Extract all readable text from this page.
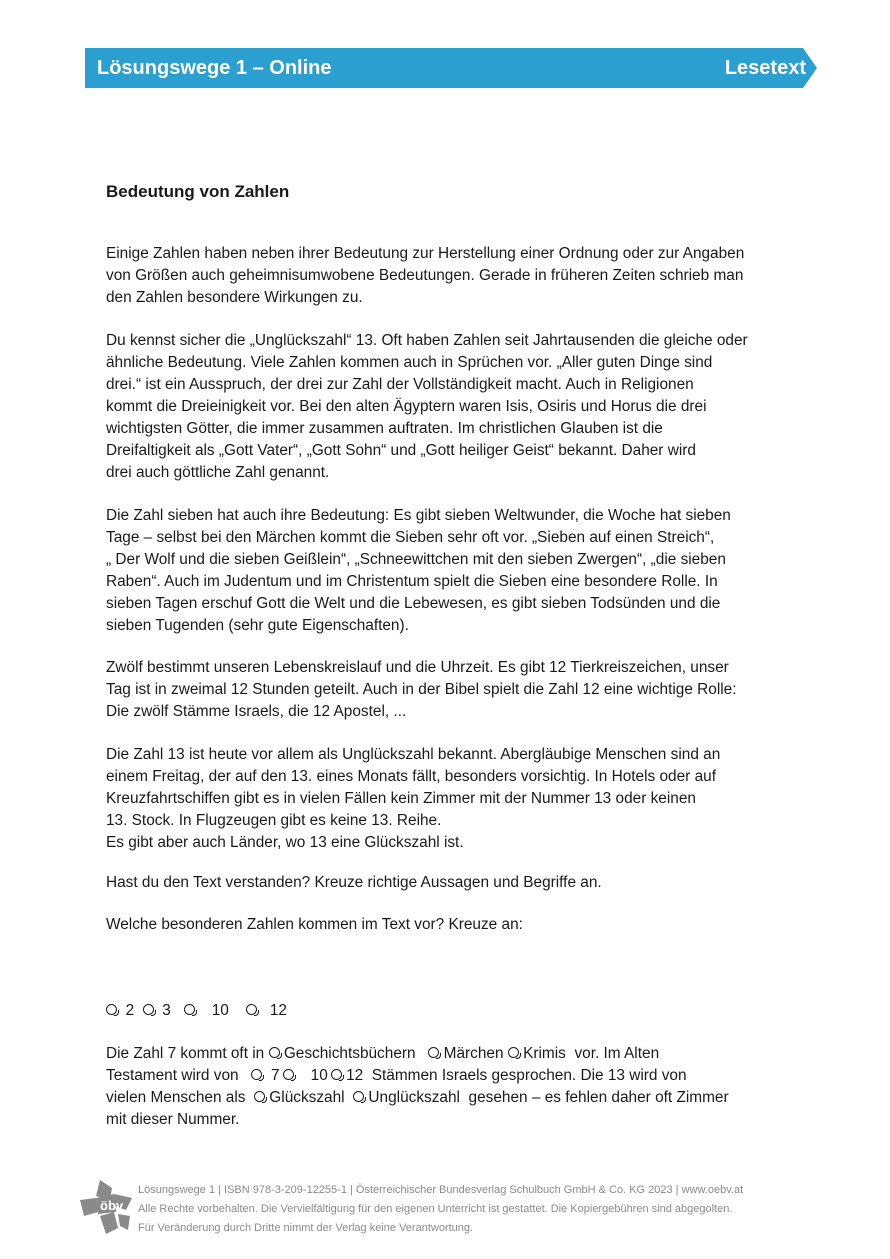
Lösungswege 1 – Online	Lesetext
Bedeutung von Zahlen
Einige Zahlen haben neben ihrer Bedeutung zur Herstellung einer Ordnung oder zur Angaben
von Größen auch geheimnisumwobene Bedeutungen. Gerade in früheren Zeiten schrieb man
den Zahlen besondere Wirkungen zu.
Du kennst sicher die „Unglückszahl“ 13. Oft haben Zahlen seit Jahrtausenden die gleiche oder
ähnliche Bedeutung. Viele Zahlen kommen auch in Sprüchen vor. „Aller guten Dinge sind
drei.“ ist ein Ausspruch, der drei zur Zahl der Vollständigkeit macht. Auch in Religionen
kommt die Dreieinigkeit vor. Bei den alten Ägyptern waren Isis, Osiris und Horus die drei
wichtigsten Götter, die immer zusammen auftraten. Im christlichen Glauben ist die
Dreifaltigkeit als „Gott Vater“, „Gott Sohn“ und „Gott heiliger Geist“ bekannt. Daher wird
drei auch göttliche Zahl genannt.
Die Zahl sieben hat auch ihre Bedeutung: Es gibt sieben Weltwunder, die Woche hat sieben
Tage – selbst bei den Märchen kommt die Sieben sehr oft vor. „Sieben auf einen Streich“,
„ Der Wolf und die sieben Geißlein“, „Schneewittchen mit den sieben Zwergen“, „die sieben
Raben“. Auch im Judentum und im Christentum spielt die Sieben eine besondere Rolle. In
sieben Tagen erschuf Gott die Welt und die Lebewesen, es gibt sieben Todsünden und die
sieben Tugenden (sehr gute Eigenschaften).
Zwölf bestimmt unseren Lebenskreislauf und die Uhrzeit. Es gibt 12 Tierkreiszeichen, unser
Tag ist in zweimal 12 Stunden geteilt. Auch in der Bibel spielt die Zahl 12 eine wichtige Rolle:
Die zwölf Stämme Israels, die 12 Apostel, ...
Die Zahl 13 ist heute vor allem als Unglückszahl bekannt. Abergläubige Menschen sind an
einem Freitag, der auf den 13. eines Monats fällt, besonders vorsichtig. In Hotels oder auf
Kreuzfahrtschiffen gibt es in vielen Fällen kein Zimmer mit der Nummer 13 oder keinen
13. Stock. In Flugzeugen gibt es keine 13. Reihe.
Es gibt aber auch Länder, wo 13 eine Glückszahl ist.
Hast du den Text verstanden? Kreuze richtige Aussagen und Begriffe an.
Welche besonderen Zahlen kommen im Text vor? Kreuze an:
2 3	10	12
Die Zahl 7 kommt oft in Geschichtsbüchern Märchen Krimis vor. Im Alten
Testament wird von 7 10 12 Stämmen Israels gesprochen. Die 13 wird von
vielen Menschen als Glückszahl Unglückszahl gesehen – es fehlen daher oft Zimmer
mit dieser Nummer.
öbv
Lösungswege 1 | ISBN 978-3-209-12255-1 | Österreichischer Bundesverlag Schulbuch GmbH & Co. KG 2023 | www.oebv.at
Alle Rechte vorbehalten. Die Vervielfältigung für den eigenen Unterricht ist gestattet. Die Kopiergebühren sind abgegolten.
Für Veränderung durch Dritte nimmt der Verlag keine Verantwortung.
